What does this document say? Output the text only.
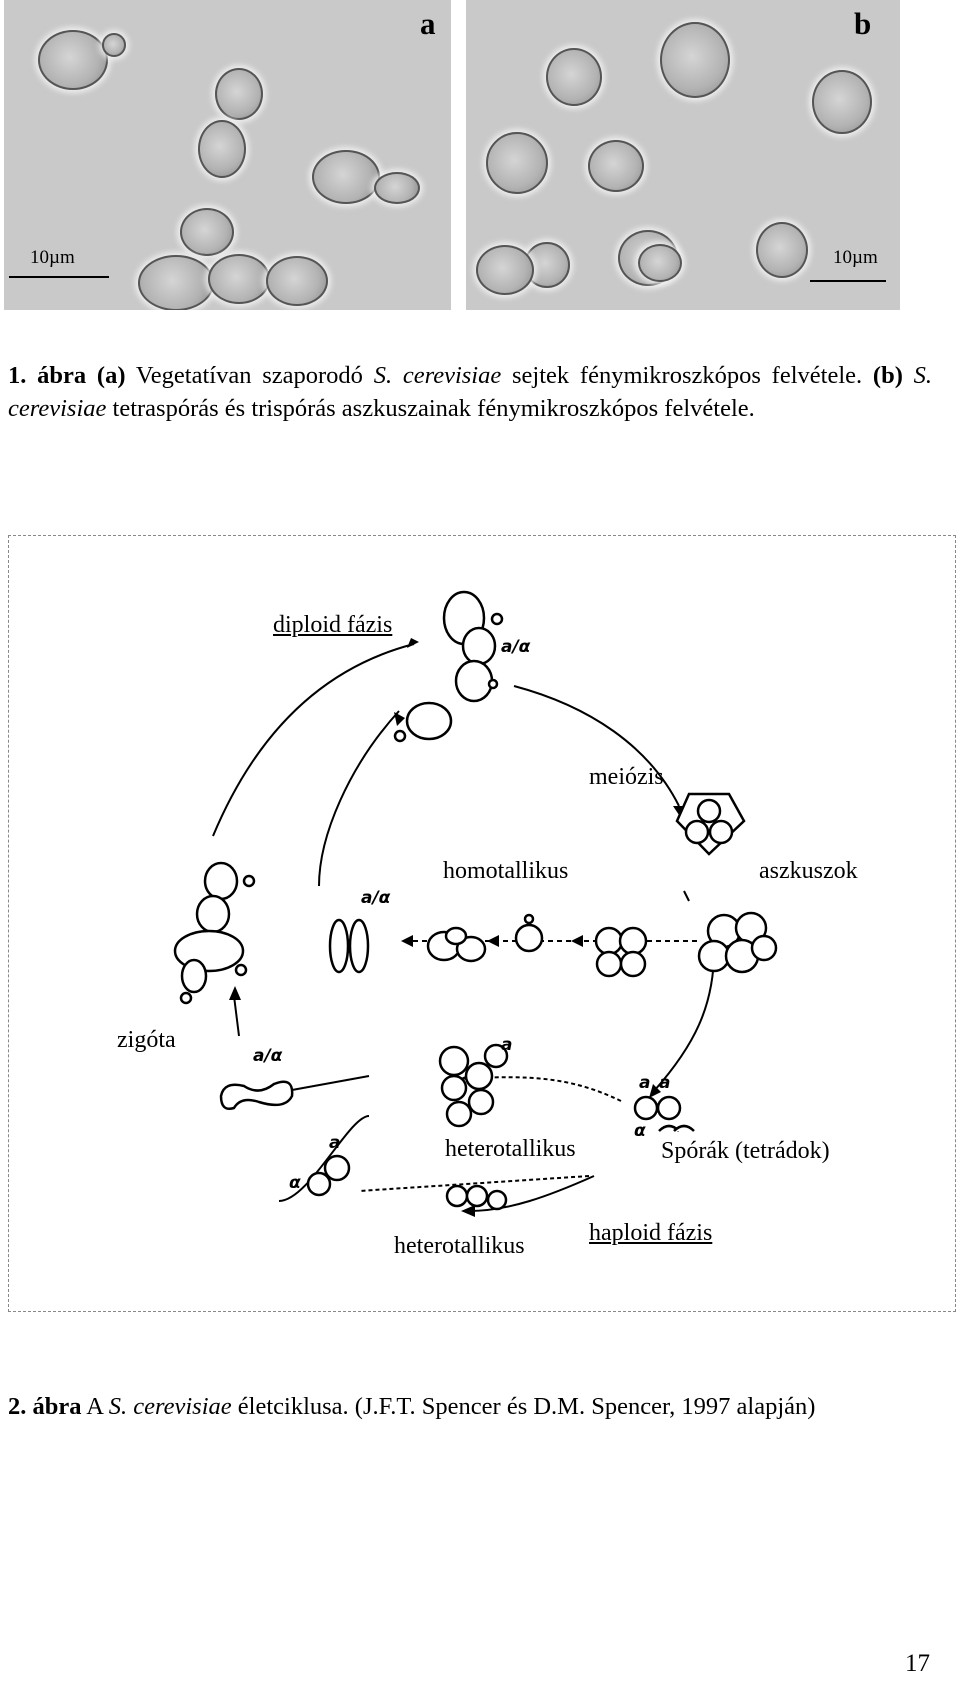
a
10µm
b
10µm
1. ábra (a) Vegetatívan szaporodó S. cerevisiae sejtek fénymikroszkópos felvétele. (b) S. cerevisiae tetraspórás és trispórás aszkuszainak fénymikroszkópos felvétele.
a/α
a/α
a/α
a
a a
α
a
α
diploid fázis
meiózis
homotallikus	aszkuszok
zigóta
heterotallikus	Spórák (tetrádok)
heterotallikus	haploid fázis
2. ábra A S. cerevisiae életciklusa. (J.F.T. Spencer és D.M. Spencer, 1997 alapján)
17
